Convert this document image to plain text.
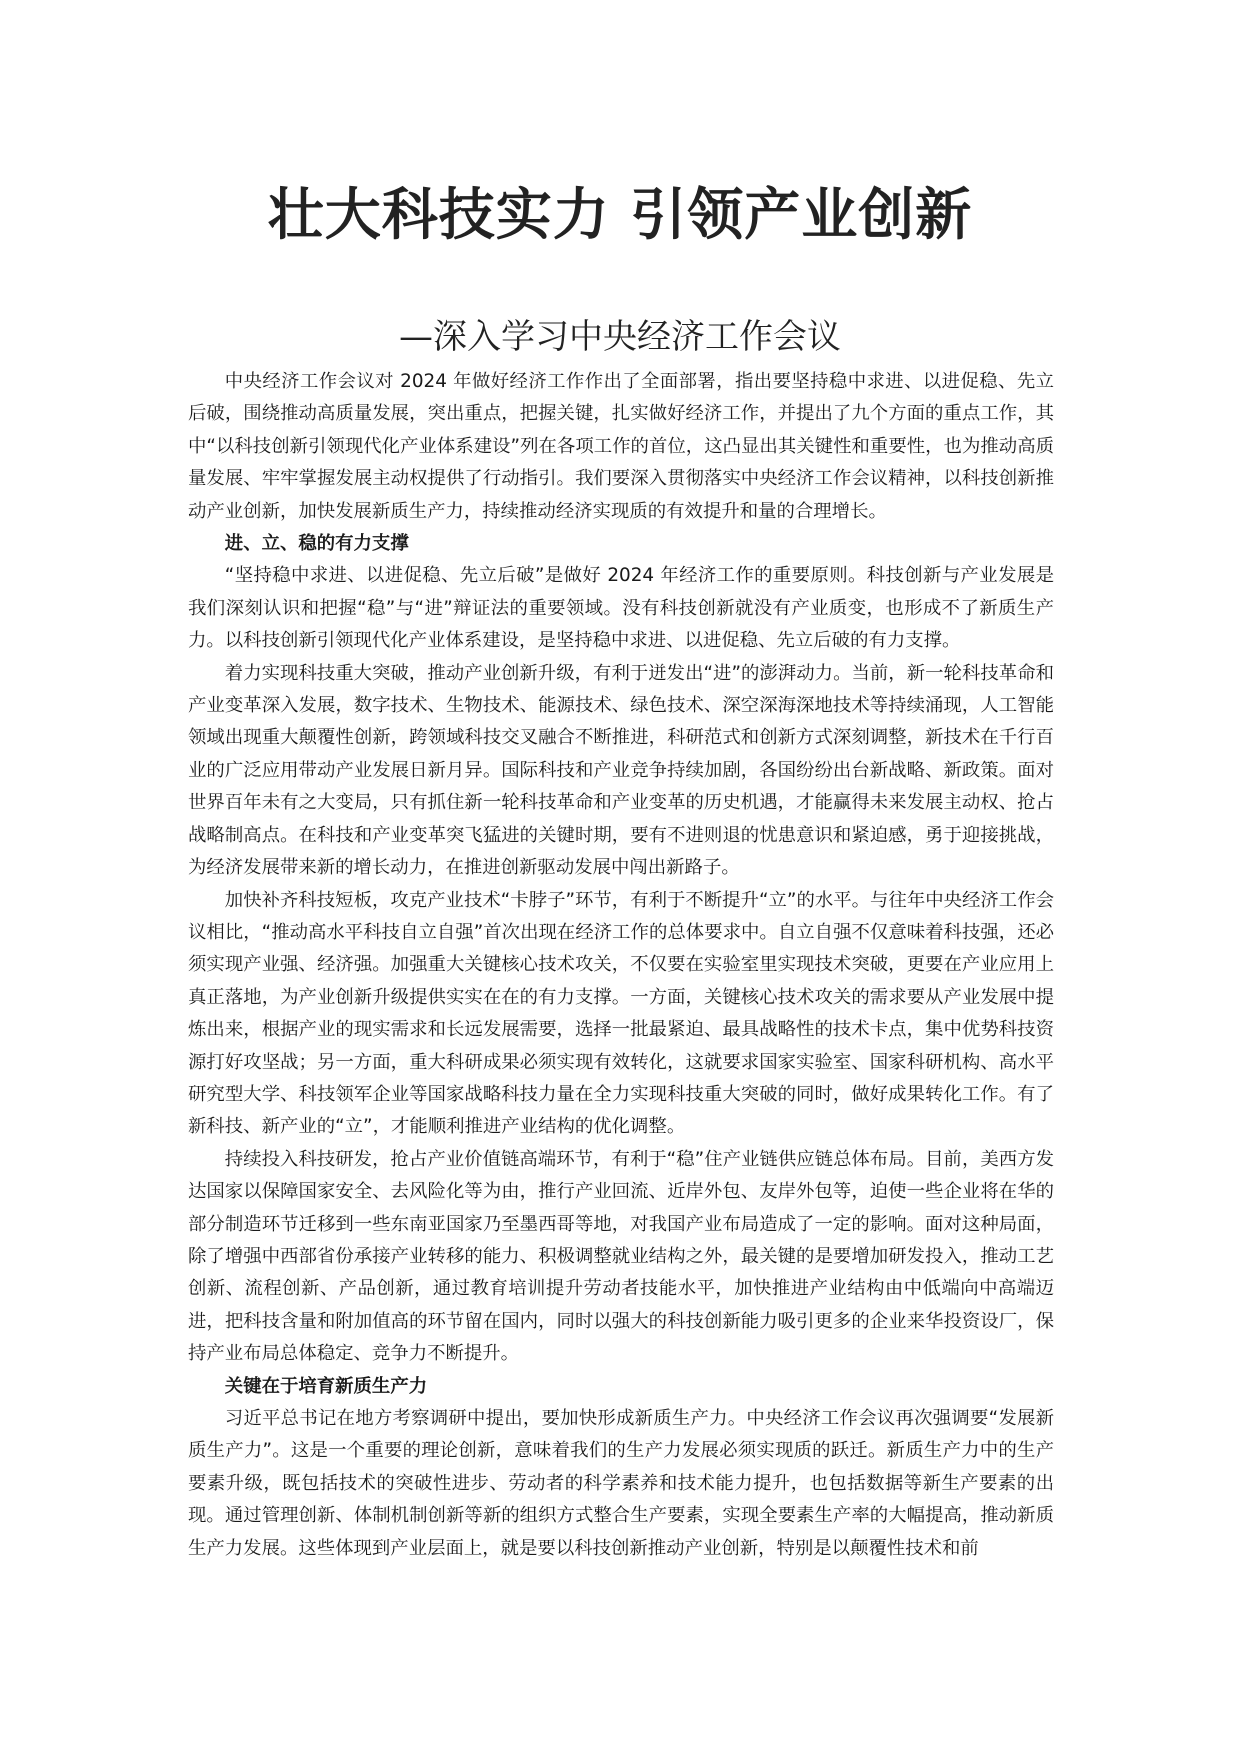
壮大科技实力 引领产业创新
—深入学习中央经济工作会议

中央经济工作会议对 2024 年做好经济工作作出了全面部署，指出要坚持稳中求进、以进促稳、先立后破，围绕推动高质量发展，突出重点，把握关键，扎实做好经济工作，并提出了九个方面的重点工作，其中“以科技创新引领现代化产业体系建设”列在各项工作的首位，这凸显出其关键性和重要性，也为推动高质量发展、牢牢掌握发展主动权提供了行动指引。我们要深入贯彻落实中央经济工作会议精神，以科技创新推动产业创新，加快发展新质生产力，持续推动经济实现质的有效提升和量的合理增长。

进、立、稳的有力支撑

“坚持稳中求进、以进促稳、先立后破”是做好 2024 年经济工作的重要原则。科技创新与产业发展是我们深刻认识和把握“稳”与“进”辩证法的重要领域。没有科技创新就没有产业质变，也形成不了新质生产力。以科技创新引领现代化产业体系建设，是坚持稳中求进、以进促稳、先立后破的有力支撑。

着力实现科技重大突破，推动产业创新升级，有利于迸发出“进”的澎湃动力。当前，新一轮科技革命和产业变革深入发展，数字技术、生物技术、能源技术、绿色技术、深空深海深地技术等持续涌现，人工智能领域出现重大颠覆性创新，跨领域科技交叉融合不断推进，科研范式和创新方式深刻调整，新技术在千行百业的广泛应用带动产业发展日新月异。国际科技和产业竞争持续加剧，各国纷纷出台新战略、新政策。面对世界百年未有之大变局，只有抓住新一轮科技革命和产业变革的历史机遇，才能赢得未来发展主动权、抢占战略制高点。在科技和产业变革突飞猛进的关键时期，要有不进则退的忧患意识和紧迫感，勇于迎接挑战，为经济发展带来新的增长动力，在推进创新驱动发展中闯出新路子。

加快补齐科技短板，攻克产业技术“卡脖子”环节，有利于不断提升“立”的水平。与往年中央经济工作会议相比，“推动高水平科技自立自强”首次出现在经济工作的总体要求中。自立自强不仅意味着科技强，还必须实现产业强、经济强。加强重大关键核心技术攻关，不仅要在实验室里实现技术突破，更要在产业应用上真正落地，为产业创新升级提供实实在在的有力支撑。一方面，关键核心技术攻关的需求要从产业发展中提炼出来，根据产业的现实需求和长远发展需要，选择一批最紧迫、最具战略性的技术卡点，集中优势科技资源打好攻坚战；另一方面，重大科研成果必须实现有效转化，这就要求国家实验室、国家科研机构、高水平研究型大学、科技领军企业等国家战略科技力量在全力实现科技重大突破的同时，做好成果转化工作。有了新科技、新产业的“立”，才能顺利推进产业结构的优化调整。

持续投入科技研发，抢占产业价值链高端环节，有利于“稳”住产业链供应链总体布局。目前，美西方发达国家以保障国家安全、去风险化等为由，推行产业回流、近岸外包、友岸外包等，迫使一些企业将在华的部分制造环节迁移到一些东南亚国家乃至墨西哥等地，对我国产业布局造成了一定的影响。面对这种局面，除了增强中西部省份承接产业转移的能力、积极调整就业结构之外，最关键的是要增加研发投入，推动工艺创新、流程创新、产品创新，通过教育培训提升劳动者技能水平，加快推进产业结构由中低端向中高端迈进，把科技含量和附加值高的环节留在国内，同时以强大的科技创新能力吸引更多的企业来华投资设厂，保持产业布局总体稳定、竞争力不断提升。

关键在于培育新质生产力

习近平总书记在地方考察调研中提出，要加快形成新质生产力。中央经济工作会议再次强调要“发展新质生产力”。这是一个重要的理论创新，意味着我们的生产力发展必须实现质的跃迁。新质生产力中的生产要素升级，既包括技术的突破性进步、劳动者的科学素养和技术能力提升，也包括数据等新生产要素的出现。通过管理创新、体制机制创新等新的组织方式整合生产要素，实现全要素生产率的大幅提高，推动新质生产力发展。这些体现到产业层面上，就是要以科技创新推动产业创新，特别是以颠覆性技术和前
